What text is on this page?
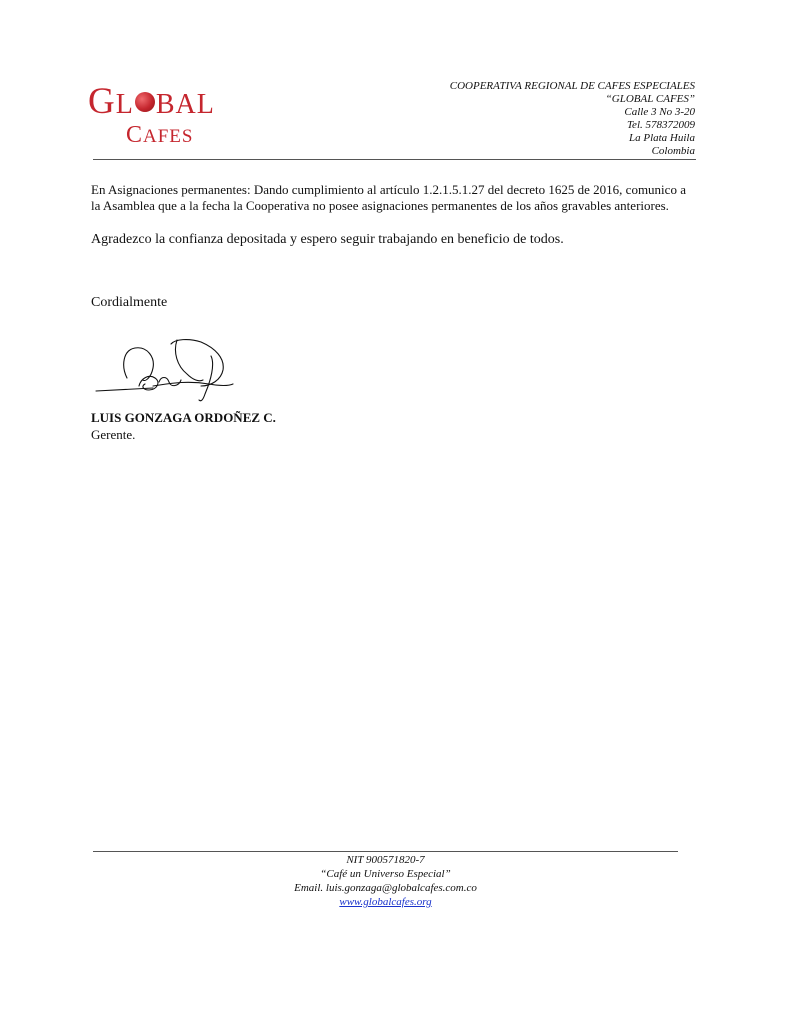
GL BAL
CAFES
COOPERATIVA REGIONAL DE CAFES ESPECIALES
“GLOBAL CAFES”
Calle 3 No 3-20
Tel. 578372009
La Plata Huila
Colombia
En Asignaciones permanentes: Dando cumplimiento al artículo 1.2.1.5.1.27 del decreto 1625 de 2016, comunico a la Asamblea que a la fecha la Cooperativa no posee asignaciones permanentes de los años gravables anteriores.
Agradezco la confianza depositada y espero seguir trabajando en beneficio de todos.
Cordialmente
LUIS GONZAGA ORDOÑEZ C.
Gerente.
NIT 900571820-7
“Café un Universo Especial”
Email. luis.gonzaga@globalcafes.com.co
www.globalcafes.org
